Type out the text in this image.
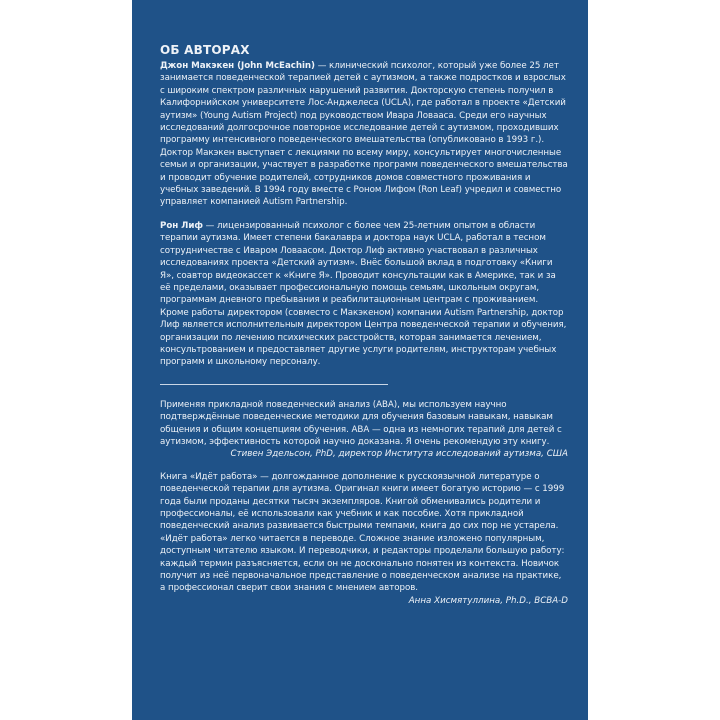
ОБ АВТОРАХ

Джон Макэкен (John McEachin) — клинический психолог, который уже более 25 лет занимается поведенческой терапией детей с аутизмом, а также подростков и взрослых с широким спектром различных нарушений развития. Докторскую степень получил в Калифорнийском университете Лос-Анджелеса (UCLA), где работал в проекте «Детский аутизм» (Young Autism Project) под руководством Ивара Ловааса. Среди его научных исследований долгосрочное повторное исследование детей с аутизмом, проходивших программу интенсивного поведенческого вмешательства (опубликовано в 1993 г.). Доктор Макэкен выступает с лекциями по всему миру, консультирует многочисленные семьи и организации, участвует в разработке программ поведенческого вмешательства и проводит обучение родителей, сотрудников домов совместного проживания и учебных заведений. В 1994 году вместе с Роном Лифом (Ron Leaf) учредил и совместно управляет компанией Autism Partnership.

Рон Лиф — лицензированный психолог с более чем 25-летним опытом в области терапии аутизма. Имеет степени бакалавра и доктора наук UCLA, работал в тесном сотрудничестве с Иваром Ловаасом. Доктор Лиф активно участвовал в различных исследованиях проекта «Детский аутизм». Внёс большой вклад в подготовку «Книги Я», соавтор видеокассет к «Книге Я». Проводит консультации как в Америке, так и за её пределами, оказывает профессиональную помощь семьям, школьным округам, программам дневного пребывания и реабилитационным центрам с проживанием. Кроме работы директором (совместо с Макэкеном) компании Autism Partnership, доктор Лиф является исполнительным директором Центра поведенческой терапии и обучения, организации по лечению психических расстройств, которая занимается лечением, консультрованием и предоставляет другие услуги родителям, инструкторам учебных программ и школьному персоналу.

Применяя прикладной поведенческий анализ (АВА), мы используем научно подтверждённые поведенческие методики для обучения базовым навыкам, навыкам общения и общим концепциям обучения. АВА — одна из немногих терапий для детей с аутизмом, эффективность которой научно доказана. Я очень рекомендую эту книгу.

Стивен Эдельсон, PhD, директор Института исследований аутизма, США

Книга «Идёт работа» — долгожданное дополнение к русскоязычной литературе о поведенческой терапии для аутизма. Оригинал книги имеет богатую историю — с 1999 года были проданы десятки тысяч экземпляров. Книгой обменивались родители и профессионалы, её использовали как учебник и как пособие. Хотя прикладной поведенческий анализ развивается быстрыми темпами, книга до сих пор не устарела. «Идёт работа» легко читается в переводе. Сложное знание изложено популярным, доступным читателю языком. И переводчики, и редакторы проделали большую работу: каждый термин разъясняется, если он не досконально понятен из контекста. Новичок получит из неё первоначальное представление о поведенческом анализе на практике, а профессионал сверит свои знания с мнением авторов.

Анна Хисмятуллина, Ph.D., BCBA-D
